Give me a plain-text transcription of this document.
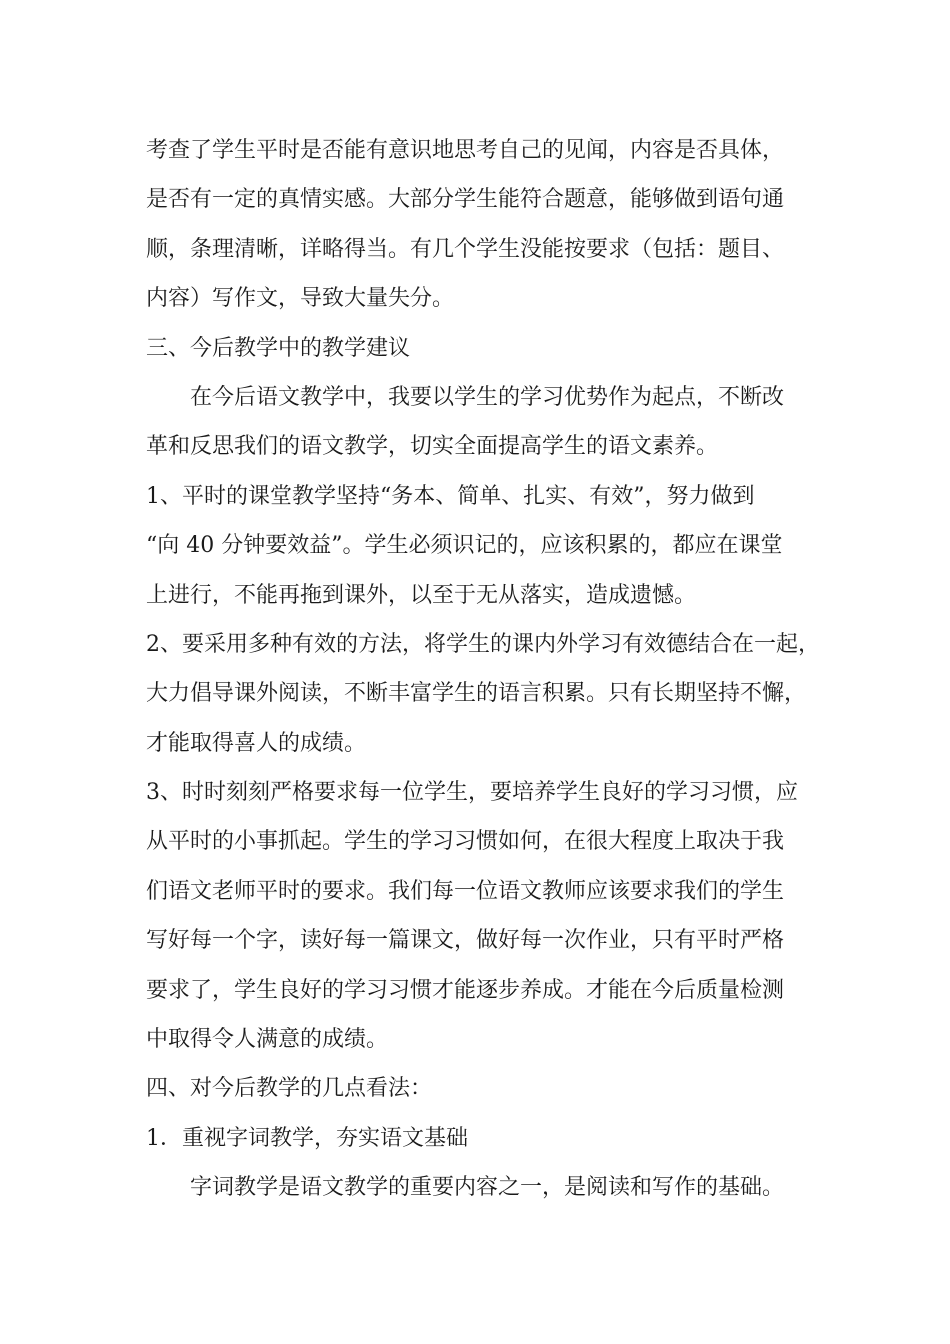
考查了学生平时是否能有意识地思考自己的见闻，内容是否具体，
是否有一定的真情实感。大部分学生能符合题意，能够做到语句通
顺，条理清晰，详略得当。有几个学生没能按要求（包括：题目、
内容）写作文，导致大量失分。
三、今后教学中的教学建议
在今后语文教学中，我要以学生的学习优势作为起点，不断改
革和反思我们的语文教学，切实全面提高学生的语文素养。
1、平时的课堂教学坚持“务本、简单、扎实、有效”，努力做到
“向 40 分钟要效益”。学生必须识记的，应该积累的，都应在课堂
上进行，不能再拖到课外，以至于无从落实，造成遗憾。
2、要采用多种有效的方法，将学生的课内外学习有效德结合在一起，
大力倡导课外阅读，不断丰富学生的语言积累。只有长期坚持不懈，
才能取得喜人的成绩。
3、时时刻刻严格要求每一位学生，要培养学生良好的学习习惯，应
从平时的小事抓起。学生的学习习惯如何，在很大程度上取决于我
们语文老师平时的要求。我们每一位语文教师应该要求我们的学生
写好每一个字，读好每一篇课文，做好每一次作业，只有平时严格
要求了，学生良好的学习习惯才能逐步养成。才能在今后质量检测
中取得令人满意的成绩。
四、对今后教学的几点看法：
1．重视字词教学，夯实语文基础
字词教学是语文教学的重要内容之一，是阅读和写作的基础。
